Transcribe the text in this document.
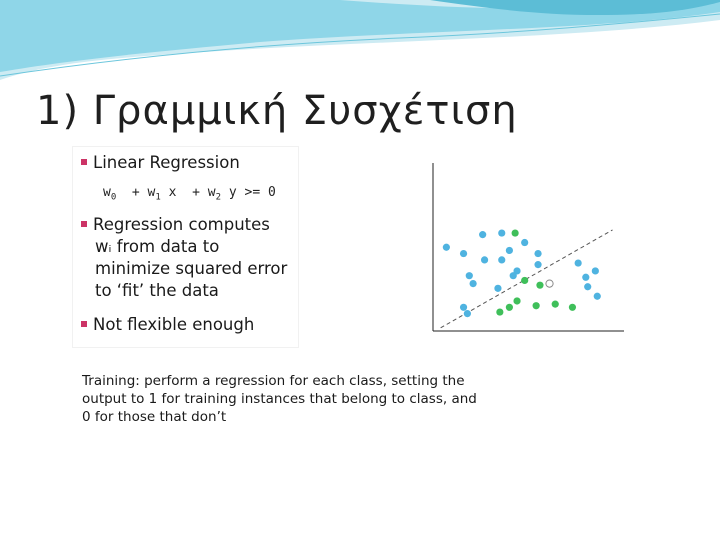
1) Γραμμική Συσχέτιση
Linear Regression
$w_0 + w_1$ $x + w_2$ y >= 0
Regression computes
wᵢ from data to
minimize squared error
to ‘fit’ the data
Not flexible enough
Training: perform a regression for each class, setting the output to 1 for training instances that belong to class, and 0 for those that don’t
